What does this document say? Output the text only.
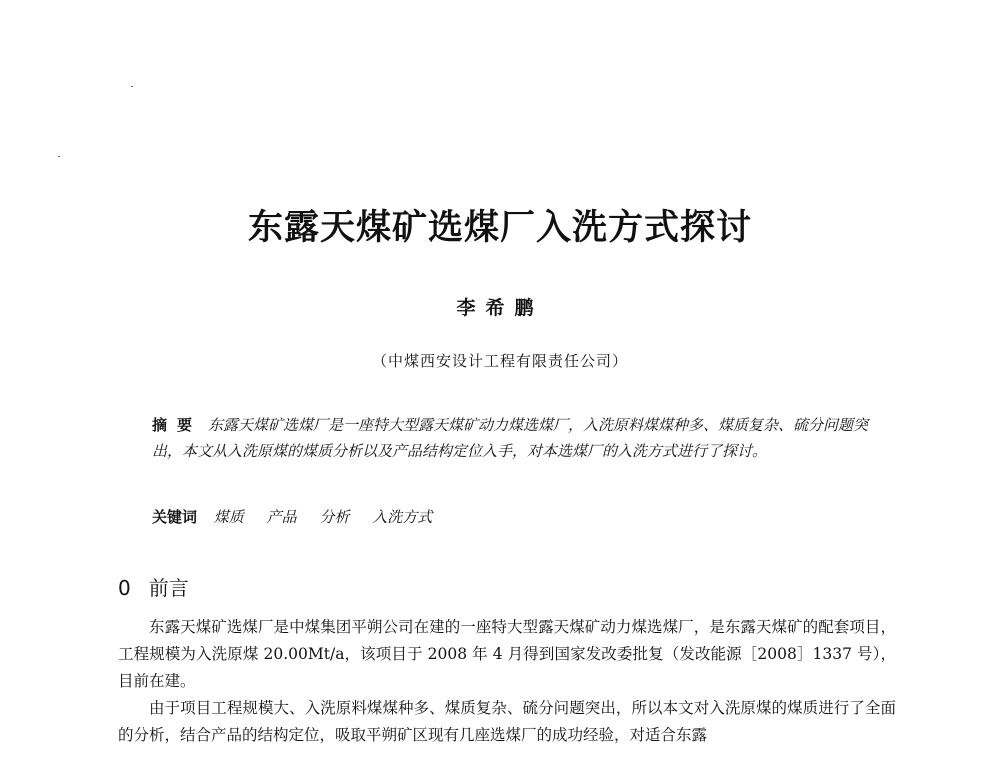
东露天煤矿选煤厂入洗方式探讨
李希鹏
（中煤西安设计工程有限责任公司）
摘要 东露天煤矿选煤厂是一座特大型露天煤矿动力煤选煤厂，入洗原料煤煤种多、煤质复杂、硫分问题突出，本文从入洗原煤的煤质分析以及产品结构定位入手，对本选煤厂的入洗方式进行了探讨。
关键词 煤质 产品 分析 入洗方式
0 前言

东露天煤矿选煤厂是中煤集团平朔公司在建的一座特大型露天煤矿动力煤选煤厂，是东露天煤矿的配套项目，工程规模为入洗原煤 20.00Mt/a，该项目于 2008 年 4 月得到国家发改委批复（发改能源［2008］1337 号），目前在建。

由于项目工程规模大、入洗原料煤煤种多、煤质复杂、硫分问题突出，所以本文对入洗原煤的煤质进行了全面的分析，结合产品的结构定位，吸取平朔矿区现有几座选煤厂的成功经验，对适合东露
